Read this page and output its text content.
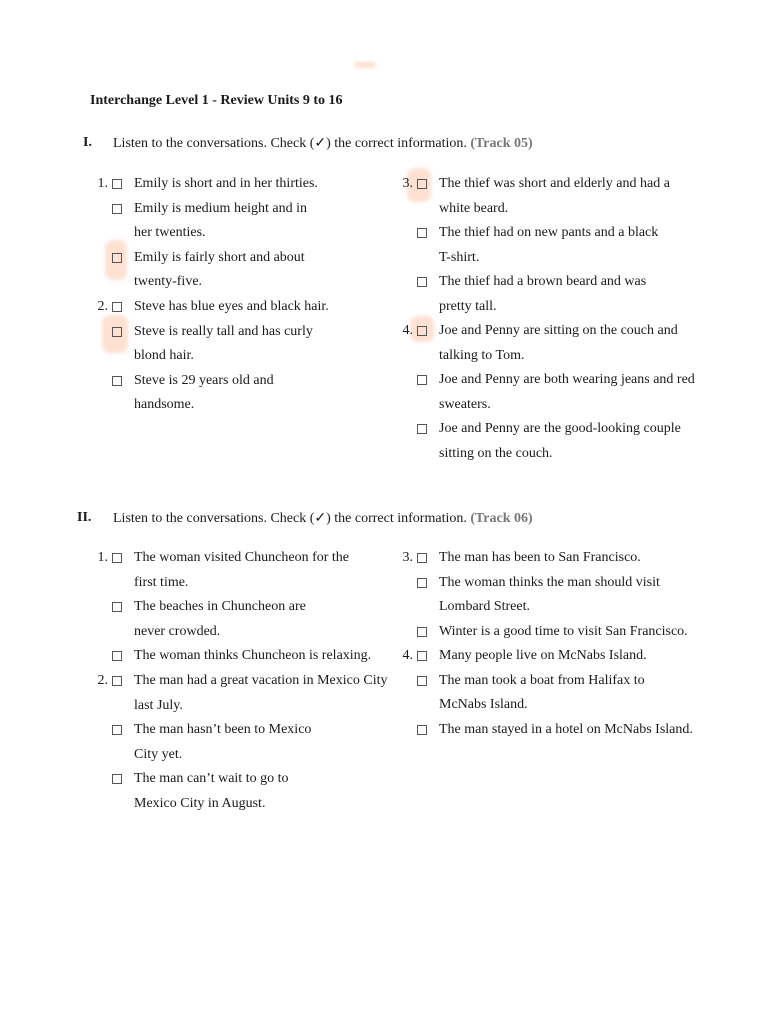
Interchange Level 1 - Review Units 9 to 16
I. Listen to the conversations. Check (✓) the correct information. (Track 05)
II. Listen to the conversations. Check (✓) the correct information. (Track 06)
1. Emily is short and in her thirties.
Emily is medium height and in
her twenties.
Emily is fairly short and about
twenty-five.
2. Steve has blue eyes and black hair.
Steve is really tall and has curly
blond hair.
Steve is 29 years old and
handsome.
3. The thief was short and elderly and had a
white beard.
The thief had on new pants and a black
T-shirt.
The thief had a brown beard and was
pretty tall.
4. Joe and Penny are sitting on the couch and
talking to Tom.
Joe and Penny are both wearing jeans and red
sweaters.
Joe and Penny are the good-looking couple
sitting on the couch.
1. The woman visited Chuncheon for the
first time.
The beaches in Chuncheon are
never crowded.
The woman thinks Chuncheon is relaxing.
2. The man had a great vacation in Mexico City
last July.
The man hasn’t been to Mexico
City yet.
The man can’t wait to go to
Mexico City in August.
3. The man has been to San Francisco.
The woman thinks the man should visit
Lombard Street.
Winter is a good time to visit San Francisco.
4. Many people live on McNabs Island.
The man took a boat from Halifax to
McNabs Island.
The man stayed in a hotel on McNabs Island.
